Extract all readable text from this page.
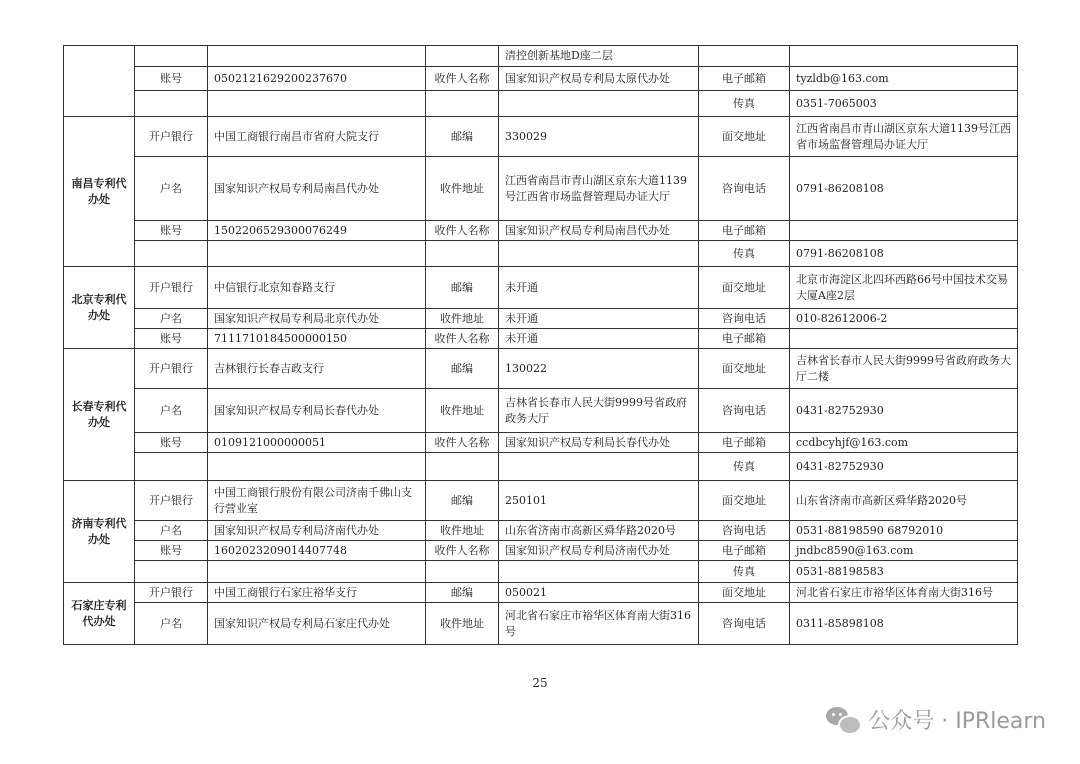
				清控创新基地D座二层		
	账号	0502121629200237670	收件人名称	国家知识产权局专利局太原代办处	电子邮箱	tyzldb@163.com
					传真	0351-7065003
南昌专利代办处	开户银行	中国工商银行南昌市省府大院支行	邮编	330029	面交地址	江西省南昌市青山湖区京东大道1139号江西省市场监督管理局办证大厅
	户名	国家知识产权局专利局南昌代办处	收件地址	江西省南昌市青山湖区京东大道1139号江西省市场监督管理局办证大厅	咨询电话	0791-86208108
	账号	1502206529300076249	收件人名称	国家知识产权局专利局南昌代办处	电子邮箱	
					传真	0791-86208108
北京专利代办处	开户银行	中信银行北京知春路支行	邮编	未开通	面交地址	北京市海淀区北四环西路66号中国技术交易大厦A座2层
	户名	国家知识产权局专利局北京代办处	收件地址	未开通	咨询电话	010-82612006-2
	账号	7111710184500000150	收件人名称	未开通	电子邮箱	
长春专利代办处	开户银行	吉林银行长春吉政支行	邮编	130022	面交地址	吉林省长春市人民大街9999号省政府政务大厅二楼
	户名	国家知识产权局专利局长春代办处	收件地址	吉林省长春市人民大街9999号省政府政务大厅	咨询电话	0431-82752930
	账号	0109121000000051	收件人名称	国家知识产权局专利局长春代办处	电子邮箱	ccdbcyhjf@163.com
					传真	0431-82752930
济南专利代办处	开户银行	中国工商银行股份有限公司济南千佛山支行营业室	邮编	250101	面交地址	山东省济南市高新区舜华路2020号
	户名	国家知识产权局专利局济南代办处	收件地址	山东省济南市高新区舜华路2020号	咨询电话	0531-88198590 68792010
	账号	1602023209014407748	收件人名称	国家知识产权局专利局济南代办处	电子邮箱	jndbc8590@163.com
					传真	0531-88198583
石家庄专利代办处	开户银行	中国工商银行石家庄裕华支行	邮编	050021	面交地址	河北省石家庄市裕华区体育南大街316号
	户名	国家知识产权局专利局石家庄代办处	收件地址	河北省石家庄市裕华区体育南大街316号	咨询电话	0311-85898108
25
公众号 · IPRlearn
